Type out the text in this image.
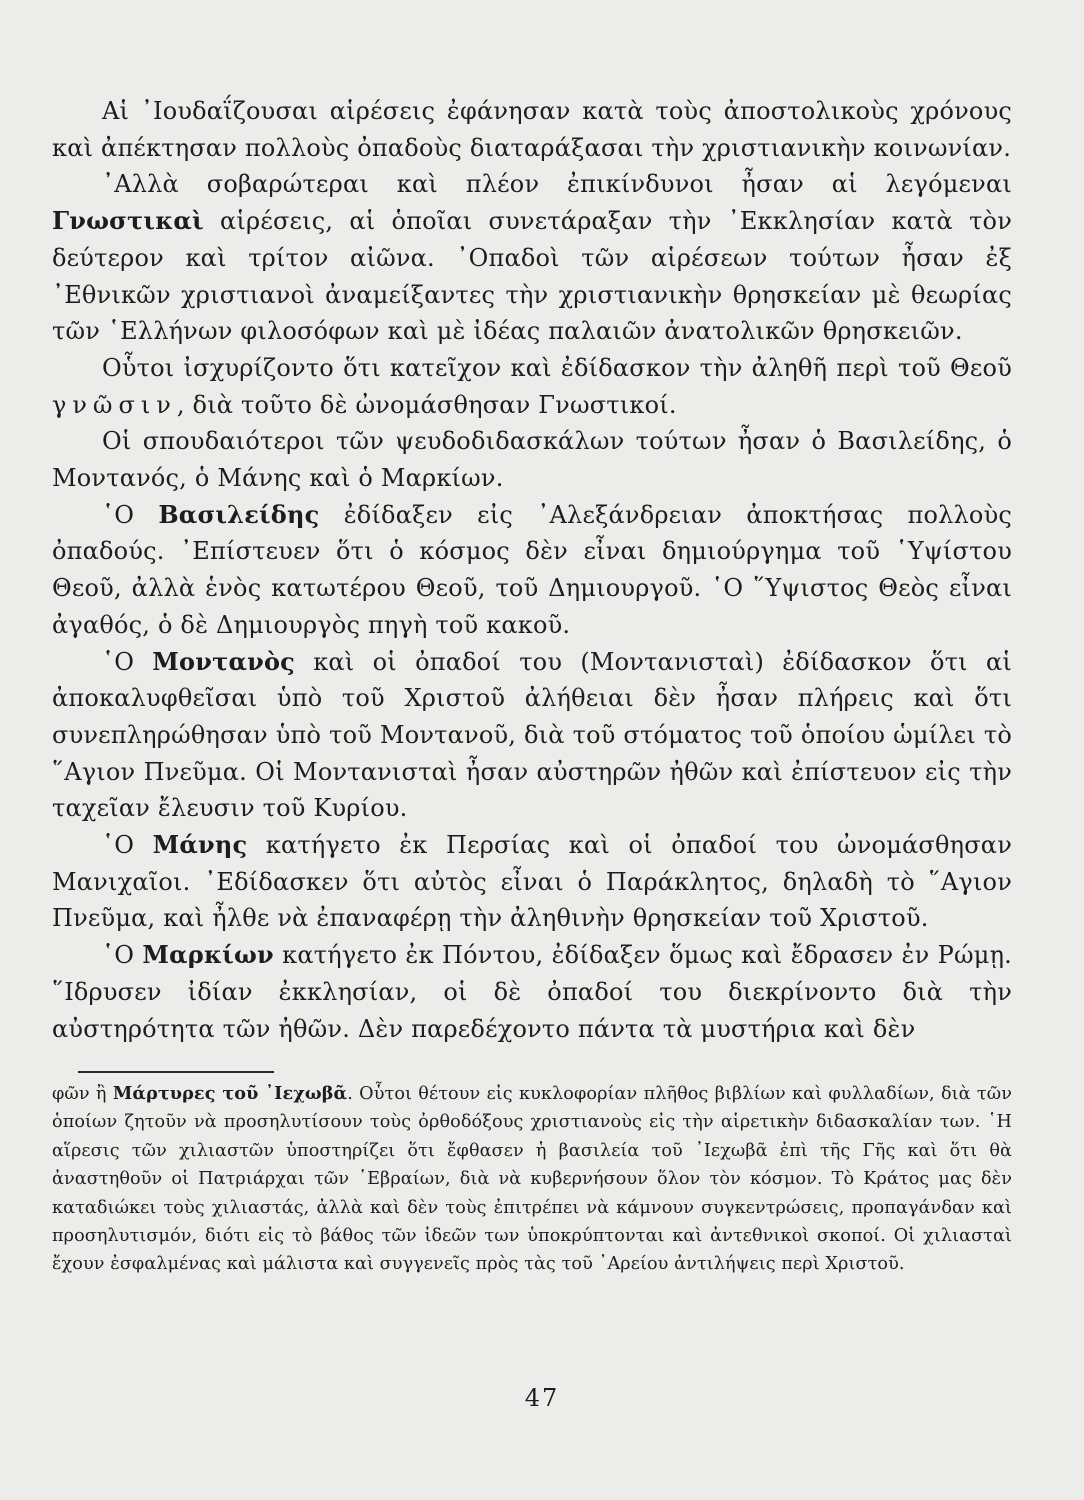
Αἱ ᾿Ιουδαΐζουσαι αἱρέσεις ἐφάνησαν κατὰ τοὺς ἀποστολικοὺς χρόνους καὶ ἀπέκτησαν πολλοὺς ὀπαδοὺς διαταράξασαι τὴν χριστιανικὴν κοινωνίαν.

᾿Αλλὰ σοβαρώτεραι καὶ πλέον ἐπικίνδυνοι ἦσαν αἱ λεγόμεναι Γνωστικαὶ αἱρέσεις, αἱ ὁποῖαι συνετάραξαν τὴν ᾿Εκκλησίαν κατὰ τὸν δεύτερον καὶ τρίτον αἰῶνα. ᾿Οπαδοὶ τῶν αἱρέσεων τούτων ἦσαν ἐξ ᾿Εθνικῶν χριστιανοὶ ἀναμείξαντες τὴν χριστιανικὴν θρησκείαν μὲ θεωρίας τῶν ῾Ελλήνων φιλοσόφων καὶ μὲ ἰδέας παλαιῶν ἀνατολικῶν θρησκειῶν.

Οὗτοι ἰσχυρίζοντο ὅτι κατεῖχον καὶ ἐδίδασκον τὴν ἀληθῆ περὶ τοῦ Θεοῦ γνῶσιν, διὰ τοῦτο δὲ ὠνομάσθησαν Γνωστικοί.

Οἱ σπουδαιότεροι τῶν ψευδοδιδασκάλων τούτων ἦσαν ὁ Βασιλείδης, ὁ Μοντανός, ὁ Μάνης καὶ ὁ Μαρκίων.

῾Ο Βασιλείδης ἐδίδαξεν εἰς ᾿Αλεξάνδρειαν ἀποκτήσας πολλοὺς ὀπαδούς. ᾿Επίστευεν ὅτι ὁ κόσμος δὲν εἶναι δημιούργημα τοῦ ῾Υψίστου Θεοῦ, ἀλλὰ ἑνὸς κατωτέρου Θεοῦ, τοῦ Δημιουργοῦ. ῾Ο ῞Υψιστος Θεὸς εἶναι ἀγαθός, ὁ δὲ Δημιουργὸς πηγὴ τοῦ κακοῦ.

῾Ο Μοντανὸς καὶ οἱ ὀπαδοί του (Μοντανισταὶ) ἐδίδασκον ὅτι αἱ ἀποκαλυφθεῖσαι ὑπὸ τοῦ Χριστοῦ ἀλήθειαι δὲν ἦσαν πλήρεις καὶ ὅτι συνεπληρώθησαν ὑπὸ τοῦ Μοντανοῦ, διὰ τοῦ στόματος τοῦ ὁποίου ὡμίλει τὸ ῞Αγιον Πνεῦμα. Οἱ Μοντανισταὶ ἦσαν αὐστηρῶν ἠθῶν καὶ ἐπίστευον εἰς τὴν ταχεῖαν ἔλευσιν τοῦ Κυρίου.

῾Ο Μάνης κατήγετο ἐκ Περσίας καὶ οἱ ὀπαδοί του ὠνομάσθησαν Μανιχαῖοι. ᾿Εδίδασκεν ὅτι αὐτὸς εἶναι ὁ Παράκλητος, δηλαδὴ τὸ ῞Αγιον Πνεῦμα, καὶ ἦλθε νὰ ἐπαναφέρῃ τὴν ἀληθινὴν θρησκείαν τοῦ Χριστοῦ.

῾Ο Μαρκίων κατήγετο ἐκ Πόντου, ἐδίδαξεν ὅμως καὶ ἔδρασεν ἐν Ρώμῃ. ῞Ιδρυσεν ἰδίαν ἐκκλησίαν, οἱ δὲ ὀπαδοί του διεκρίνοντο διὰ τὴν αὐστηρότητα τῶν ἠθῶν. Δὲν παρεδέχοντο πάντα τὰ μυστήρια καὶ δὲν

φῶν ἢ Μάρτυρες τοῦ ᾿Ιεχωβᾶ. Οὗτοι θέτουν εἰς κυκλοφορίαν πλῆθος βιβλίων καὶ φυλλαδίων, διὰ τῶν ὁποίων ζητοῦν νὰ προσηλυτίσουν τοὺς ὀρθοδόξους χριστιανοὺς εἰς τὴν αἱρετικὴν διδασκαλίαν των. ῾Η αἵρεσις τῶν χιλιαστῶν ὑποστηρίζει ὅτι ἔφθασεν ἡ βασιλεία τοῦ ᾿Ιεχωβᾶ ἐπὶ τῆς Γῆς καὶ ὅτι θὰ ἀναστηθοῦν οἱ Πατριάρχαι τῶν ῾Εβραίων, διὰ νὰ κυβερνήσουν ὅλον τὸν κόσμον. Τὸ Κράτος μας δὲν καταδιώκει τοὺς χιλιαστάς, ἀλλὰ καὶ δὲν τοὺς ἐπιτρέπει νὰ κάμνουν συγκεντρώσεις, προπαγάνδαν καὶ προσηλυτισμόν, διότι εἰς τὸ βάθος τῶν ἰδεῶν των ὑποκρύπτονται καὶ ἀντεθνικοὶ σκοποί. Οἱ χιλιασταὶ ἔχουν ἐσφαλμένας καὶ μάλιστα καὶ συγγενεῖς πρὸς τὰς τοῦ ᾿Αρείου ἀντιλήψεις περὶ Χριστοῦ.

47
